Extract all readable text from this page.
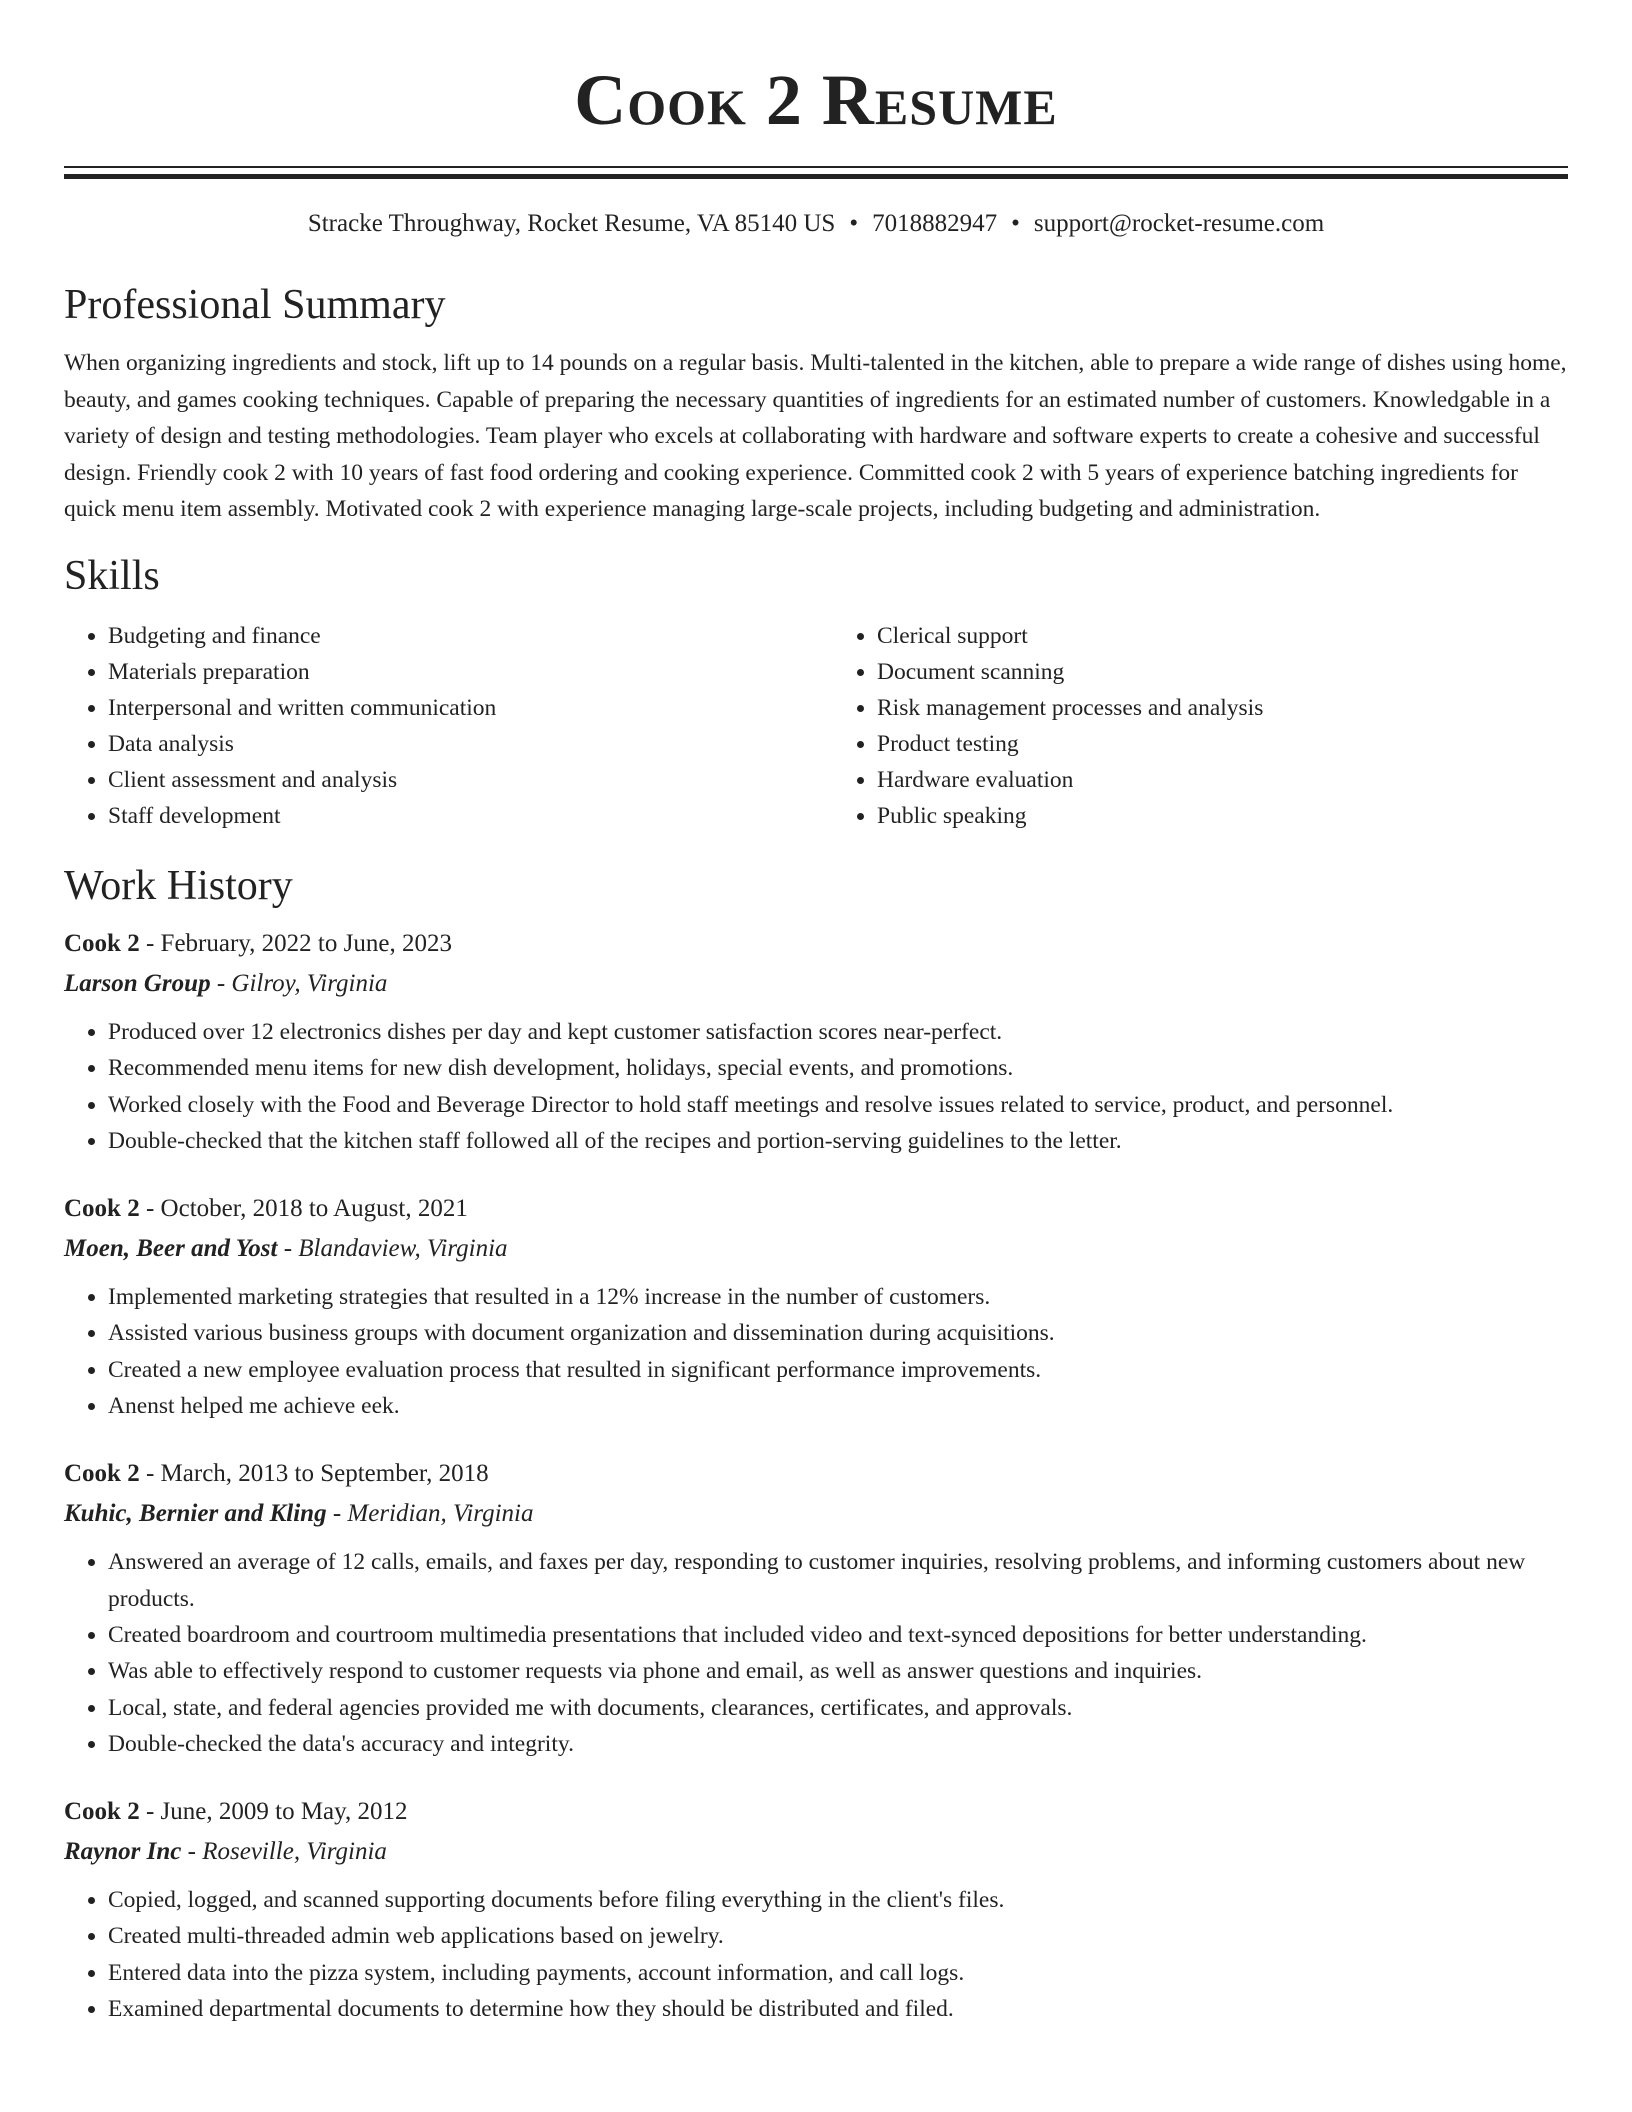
Cook 2 Resume
Stracke Throughway, Rocket Resume, VA 85140 US • 7018882947 • support@rocket-resume.com
Professional Summary
When organizing ingredients and stock, lift up to 14 pounds on a regular basis. Multi-talented in the kitchen, able to prepare a wide range of dishes using home, beauty, and games cooking techniques. Capable of preparing the necessary quantities of ingredients for an estimated number of customers. Knowledgable in a variety of design and testing methodologies. Team player who excels at collaborating with hardware and software experts to create a cohesive and successful design. Friendly cook 2 with 10 years of fast food ordering and cooking experience. Committed cook 2 with 5 years of experience batching ingredients for quick menu item assembly. Motivated cook 2 with experience managing large-scale projects, including budgeting and administration.
Skills
• Budgeting and finance
• Materials preparation
• Interpersonal and written communication
• Data analysis
• Client assessment and analysis
• Staff development
• Clerical support
• Document scanning
• Risk management processes and analysis
• Product testing
• Hardware evaluation
• Public speaking
Work History
Cook 2 - February, 2022 to June, 2023
Larson Group - Gilroy, Virginia
• Produced over 12 electronics dishes per day and kept customer satisfaction scores near-perfect.
• Recommended menu items for new dish development, holidays, special events, and promotions.
• Worked closely with the Food and Beverage Director to hold staff meetings and resolve issues related to service, product, and personnel.
• Double-checked that the kitchen staff followed all of the recipes and portion-serving guidelines to the letter.
Cook 2 - October, 2018 to August, 2021
Moen, Beer and Yost - Blandaview, Virginia
• Implemented marketing strategies that resulted in a 12% increase in the number of customers.
• Assisted various business groups with document organization and dissemination during acquisitions.
• Created a new employee evaluation process that resulted in significant performance improvements.
• Anenst helped me achieve eek.
Cook 2 - March, 2013 to September, 2018
Kuhic, Bernier and Kling - Meridian, Virginia
• Answered an average of 12 calls, emails, and faxes per day, responding to customer inquiries, resolving problems, and informing customers about new products.
• Created boardroom and courtroom multimedia presentations that included video and text-synced depositions for better understanding.
• Was able to effectively respond to customer requests via phone and email, as well as answer questions and inquiries.
• Local, state, and federal agencies provided me with documents, clearances, certificates, and approvals.
• Double-checked the data's accuracy and integrity.
Cook 2 - June, 2009 to May, 2012
Raynor Inc - Roseville, Virginia
• Copied, logged, and scanned supporting documents before filing everything in the client's files.
• Created multi-threaded admin web applications based on jewelry.
• Entered data into the pizza system, including payments, account information, and call logs.
• Examined departmental documents to determine how they should be distributed and filed.
